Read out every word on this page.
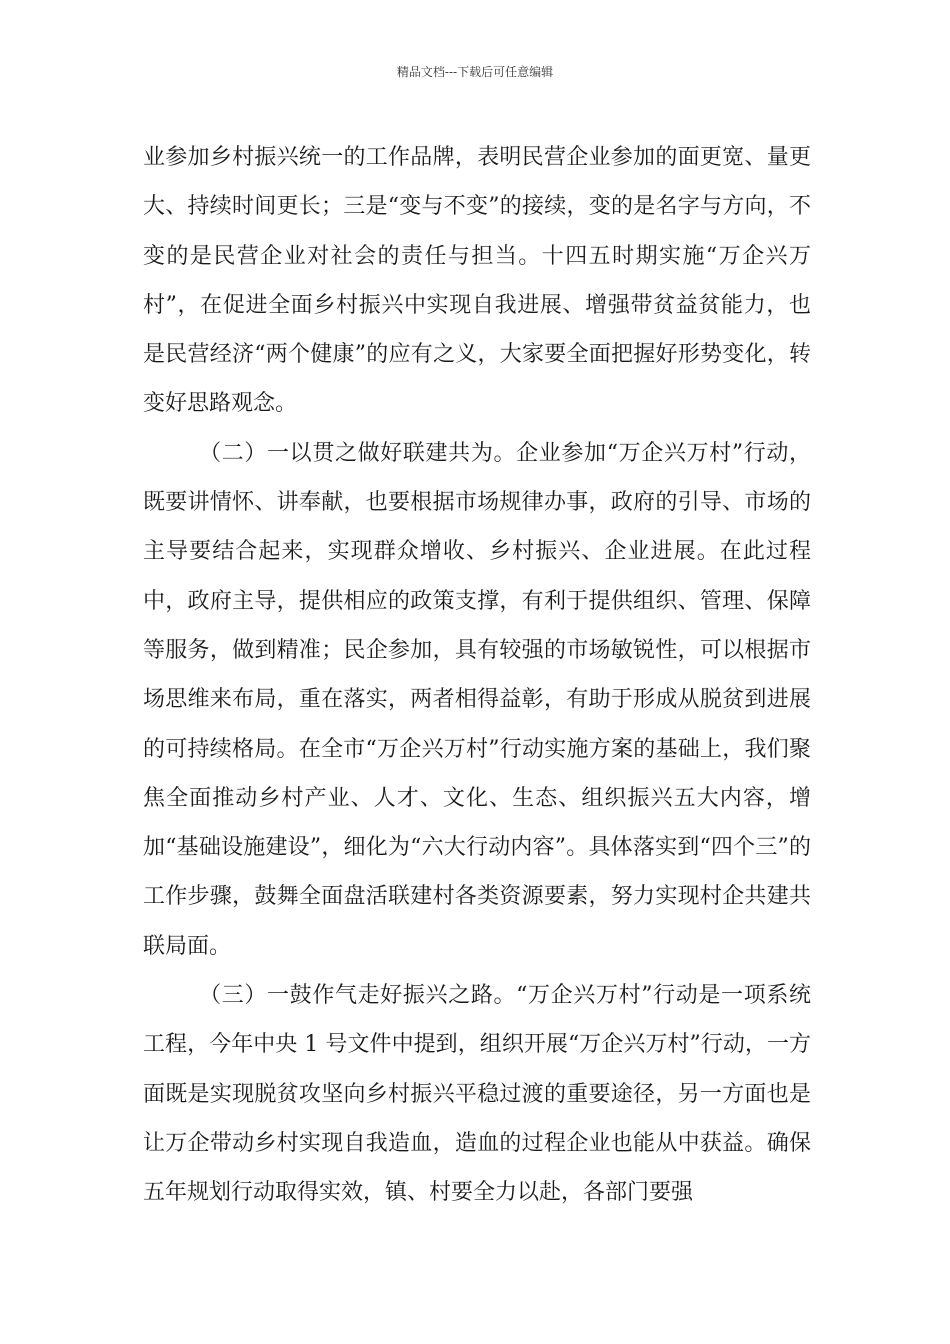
精品文档---下载后可任意编辑

业参加乡村振兴统一的工作品牌，表明民营企业参加的面更宽、量更大、持续时间更长；三是“变与不变”的接续，变的是名字与方向，不变的是民营企业对社会的责任与担当。十四五时期实施“万企兴万村”，在促进全面乡村振兴中实现自我进展、增强带贫益贫能力，也是民营经济“两个健康”的应有之义，大家要全面把握好形势变化，转变好思路观念。

（二）一以贯之做好联建共为。企业参加“万企兴万村”行动，既要讲情怀、讲奉献，也要根据市场规律办事，政府的引导、市场的主导要结合起来，实现群众增收、乡村振兴、企业进展。在此过程中，政府主导，提供相应的政策支撑，有利于提供组织、管理、保障等服务，做到精准；民企参加，具有较强的市场敏锐性，可以根据市场思维来布局，重在落实，两者相得益彰，有助于形成从脱贫到进展的可持续格局。在全市“万企兴万村”行动实施方案的基础上，我们聚焦全面推动乡村产业、人才、文化、生态、组织振兴五大内容，增加“基础设施建设”，细化为“六大行动内容”。具体落实到“四个三”的工作步骤，鼓舞全面盘活联建村各类资源要素，努力实现村企共建共联局面。

（三）一鼓作气走好振兴之路。“万企兴万村”行动是一项系统工程，今年中央 1 号文件中提到，组织开展“万企兴万村”行动，一方面既是实现脱贫攻坚向乡村振兴平稳过渡的重要途径，另一方面也是让万企带动乡村实现自我造血，造血的过程企业也能从中获益。确保五年规划行动取得实效，镇、村要全力以赴，各部门要强
